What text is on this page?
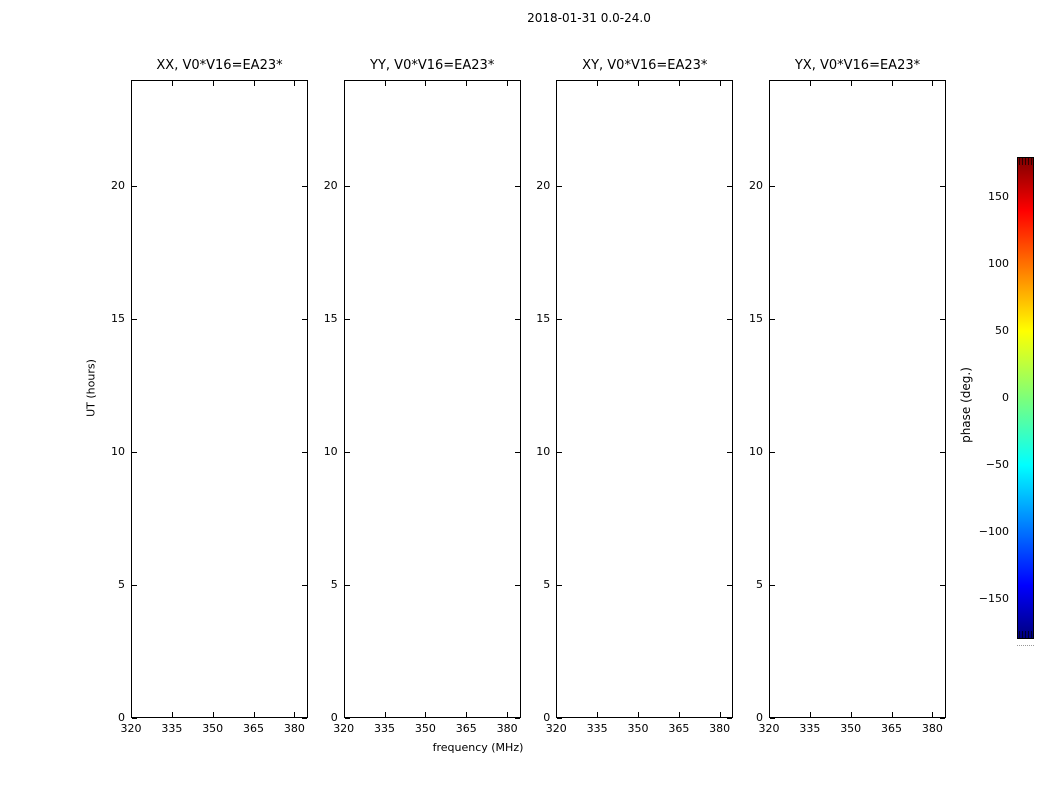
2018-01-31 0.0-24.0
UT (hours)
frequency (MHz)
XX, V0*V16=EA23*
320 335 350 365 380
0
5
10
15
20
YY, V0*V16=EA23*
320 335 350 365 380
0
5
10
15
20
XY, V0*V16=EA23*
320 335 350 365 380
0
5
10
15
20
YX, V0*V16=EA23*
320 335 350 365 380
0
5
10
15
20
150
100
50
0
−50
−100
−150
phase (deg.)
